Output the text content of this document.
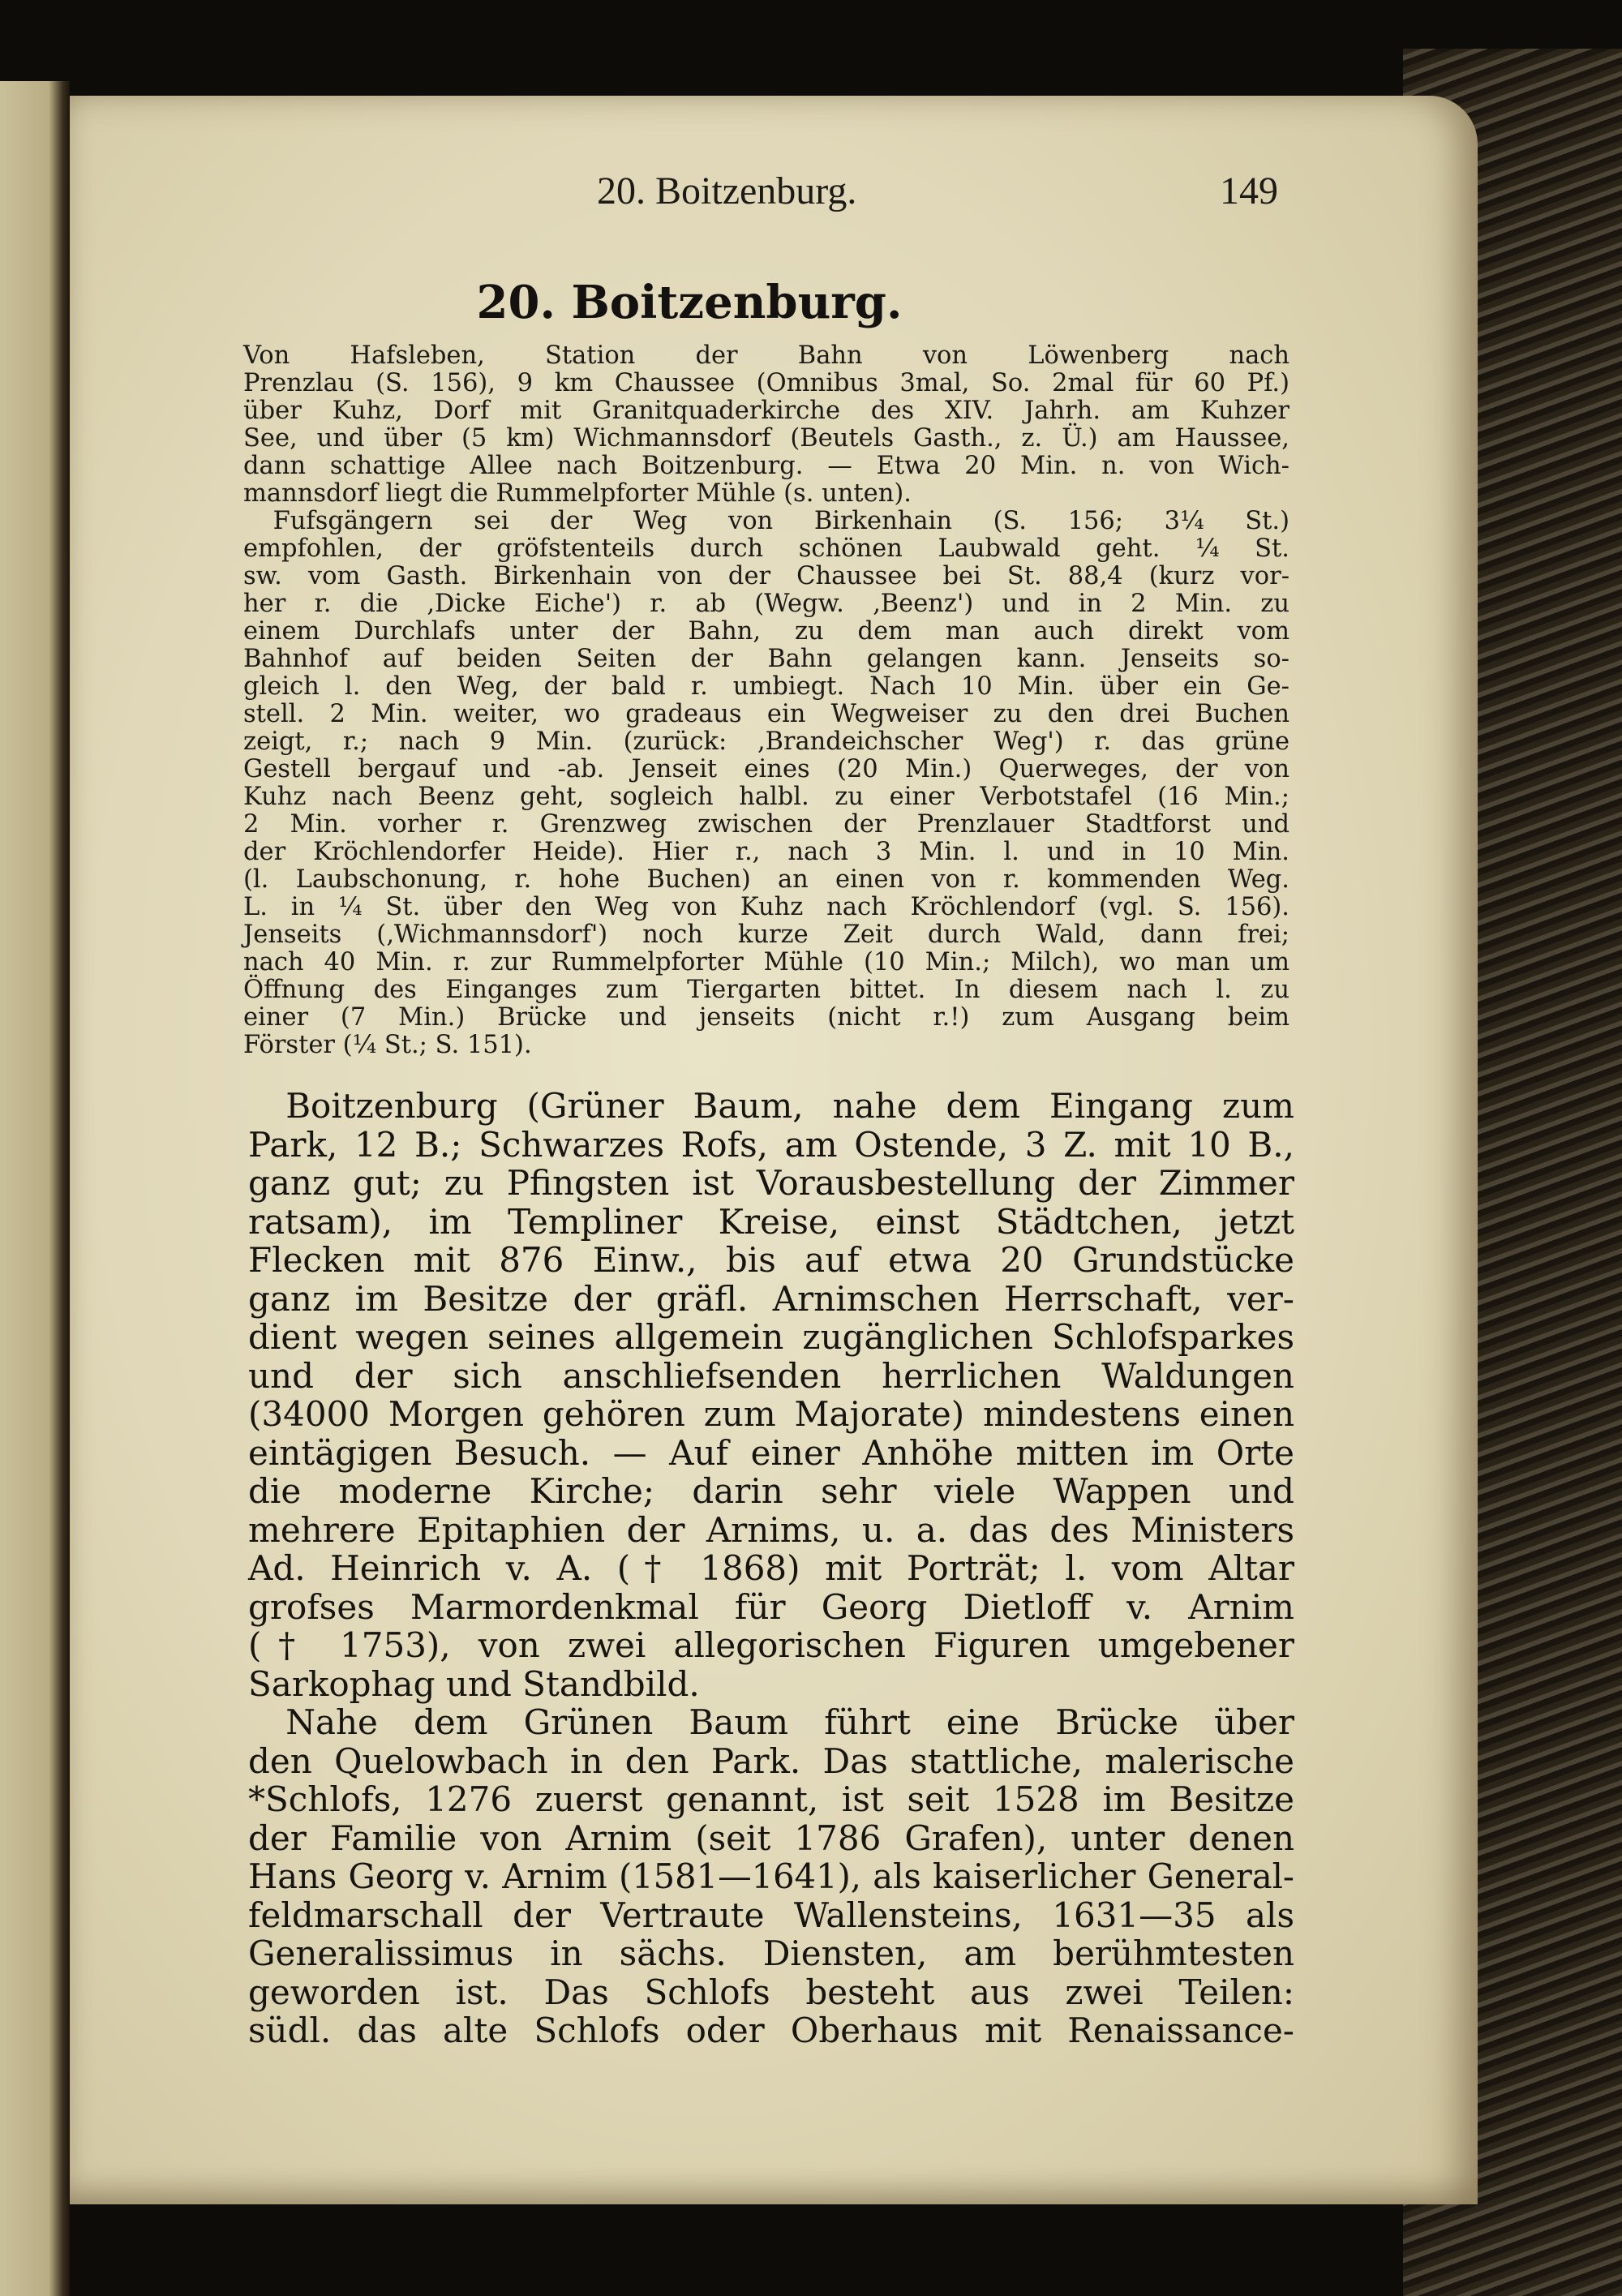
20. Boitzenburg.	149
20. Boitzenburg.
Von Hafsleben, Station der Bahn von Löwenberg nach
Prenzlau (S. 156), 9 km Chaussee (Omnibus 3mal, So. 2mal für 60 Pf.)
über Kuhz, Dorf mit Granitquaderkirche des XIV. Jahrh. am Kuhzer
See, und über (5 km) Wichmannsdorf (Beutels Gasth., z. Ü.) am Haussee,
dann schattige Allee nach Boitzenburg. — Etwa 20 Min. n. von Wich-
mannsdorf liegt die Rummelpforter Mühle (s. unten).
Fufsgängern sei der Weg von Birkenhain (S. 156; 3¼ St.)
empfohlen, der gröfstenteils durch schönen Laubwald geht. ¼ St.
sw. vom Gasth. Birkenhain von der Chaussee bei St. 88,4 (kurz vor-
her r. die ‚Dicke Eiche') r. ab (Wegw. ‚Beenz') und in 2 Min. zu
einem Durchlafs unter der Bahn, zu dem man auch direkt vom
Bahnhof auf beiden Seiten der Bahn gelangen kann. Jenseits so-
gleich l. den Weg, der bald r. umbiegt. Nach 10 Min. über ein Ge-
stell. 2 Min. weiter, wo gradeaus ein Wegweiser zu den drei Buchen
zeigt, r.; nach 9 Min. (zurück: ‚Brandeichscher Weg') r. das grüne
Gestell bergauf und -ab. Jenseit eines (20 Min.) Querweges, der von
Kuhz nach Beenz geht, sogleich halbl. zu einer Verbotstafel (16 Min.;
2 Min. vorher r. Grenzweg zwischen der Prenzlauer Stadtforst und
der Kröchlendorfer Heide). Hier r., nach 3 Min. l. und in 10 Min.
(l. Laubschonung, r. hohe Buchen) an einen von r. kommenden Weg.
L. in ¼ St. über den Weg von Kuhz nach Kröchlendorf (vgl. S. 156).
Jenseits (‚Wichmannsdorf') noch kurze Zeit durch Wald, dann frei;
nach 40 Min. r. zur Rummelpforter Mühle (10 Min.; Milch), wo man um
Öffnung des Einganges zum Tiergarten bittet. In diesem nach l. zu
einer (7 Min.) Brücke und jenseits (nicht r.!) zum Ausgang beim
Förster (¼ St.; S. 151).
Boitzenburg (Grüner Baum, nahe dem Eingang zum
Park, 12 B.; Schwarzes Rofs, am Ostende, 3 Z. mit 10 B.,
ganz gut; zu Pfingsten ist Vorausbestellung der Zimmer
ratsam), im Templiner Kreise, einst Städtchen, jetzt
Flecken mit 876 Einw., bis auf etwa 20 Grundstücke
ganz im Besitze der gräfl. Arnimschen Herrschaft, ver-
dient wegen seines allgemein zugänglichen Schlofsparkes
und der sich anschliefsenden herrlichen Waldungen
(34000 Morgen gehören zum Majorate) mindestens einen
eintägigen Besuch. — Auf einer Anhöhe mitten im Orte
die moderne Kirche; darin sehr viele Wappen und
mehrere Epitaphien der Arnims, u. a. das des Ministers
Ad. Heinrich v. A. († 1868) mit Porträt; l. vom Altar
grofses Marmordenkmal für Georg Dietloff v. Arnim
(† 1753), von zwei allegorischen Figuren umgebener
Sarkophag und Standbild.
Nahe dem Grünen Baum führt eine Brücke über
den Quelowbach in den Park. Das stattliche, malerische
*Schlofs, 1276 zuerst genannt, ist seit 1528 im Besitze
der Familie von Arnim (seit 1786 Grafen), unter denen
Hans Georg v. Arnim (1581—1641), als kaiserlicher General-
feldmarschall der Vertraute Wallensteins, 1631—35 als
Generalissimus in sächs. Diensten, am berühmtesten
geworden ist. Das Schlofs besteht aus zwei Teilen:
südl. das alte Schlofs oder Oberhaus mit Renaissance-
